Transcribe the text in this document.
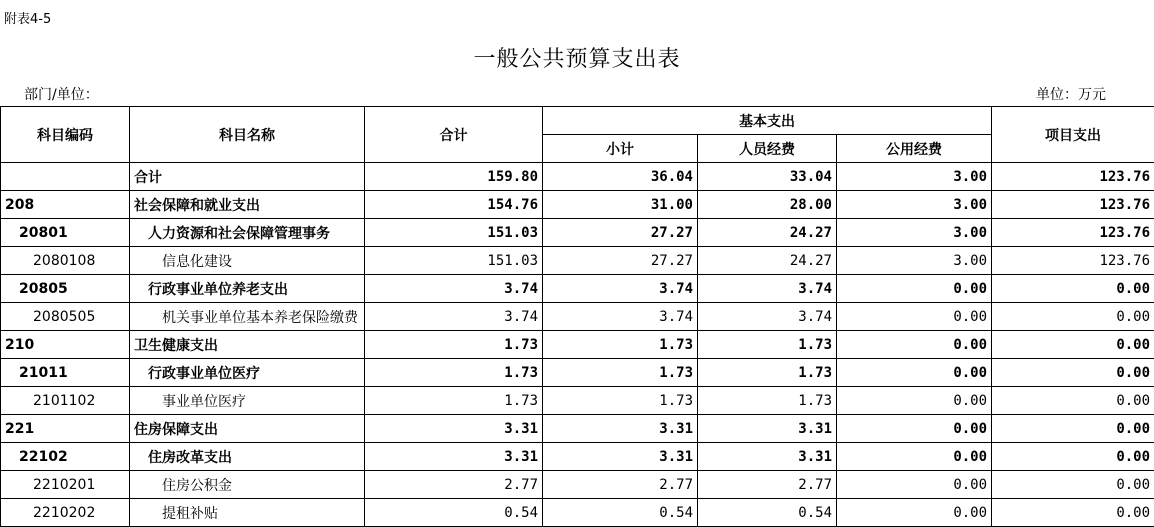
附表4-5
一般公共预算支出表
部门/单位：	单位：万元
科目编码	科目名称	合计	基本支出			项目支出
			小计	人员经费	公用经费	
	合计	159.80	36.04	33.04	3.00	123.76
208	社会保障和就业支出	154.76	31.00	28.00	3.00	123.76
20801	人力资源和社会保障管理事务	151.03	27.27	24.27	3.00	123.76
2080108	信息化建设	151.03	27.27	24.27	3.00	123.76
20805	行政事业单位养老支出	3.74	3.74	3.74	0.00	0.00
2080505	机关事业单位基本养老保险缴费	3.74	3.74	3.74	0.00	0.00
210	卫生健康支出	1.73	1.73	1.73	0.00	0.00
21011	行政事业单位医疗	1.73	1.73	1.73	0.00	0.00
2101102	事业单位医疗	1.73	1.73	1.73	0.00	0.00
221	住房保障支出	3.31	3.31	3.31	0.00	0.00
22102	住房改革支出	3.31	3.31	3.31	0.00	0.00
2210201	住房公积金	2.77	2.77	2.77	0.00	0.00
2210202	提租补贴	0.54	0.54	0.54	0.00	0.00
